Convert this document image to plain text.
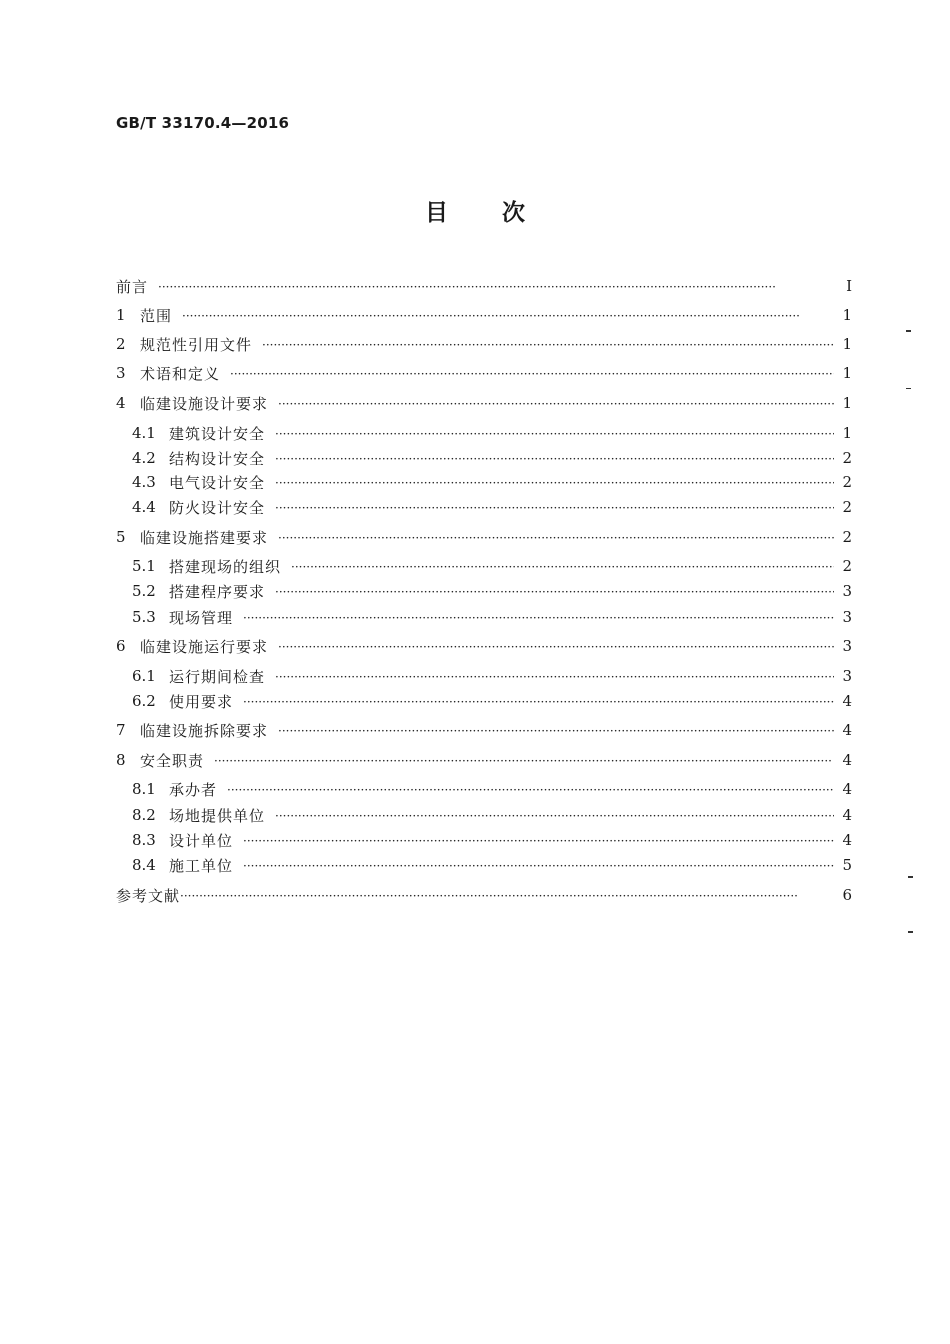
GB/T 33170.4—2016
目次
前言 ·····	Ⅰ
1 范围 ·····	1
2 规范性引用文件 ·····	1
3 术语和定义 ·····	1
4 临建设施设计要求 ·····	1
4.1 建筑设计安全 ·····	1
4.2 结构设计安全 ·····	2
4.3 电气设计安全 ·····	2
4.4 防火设计安全 ·····	2
5 临建设施搭建要求 ·····	2
5.1 搭建现场的组织 ·····	2
5.2 搭建程序要求 ·····	3
5.3 现场管理 ·····	3
6 临建设施运行要求 ·····	3
6.1 运行期间检查 ·····	3
6.2 使用要求 ·····	4
7 临建设施拆除要求 ·····	4
8 安全职责 ·····	4
8.1 承办者 ·····	4
8.2 场地提供单位 ·····	4
8.3 设计单位 ·····	4
8.4 施工单位 ·····	5
参考文献 ·····	6
